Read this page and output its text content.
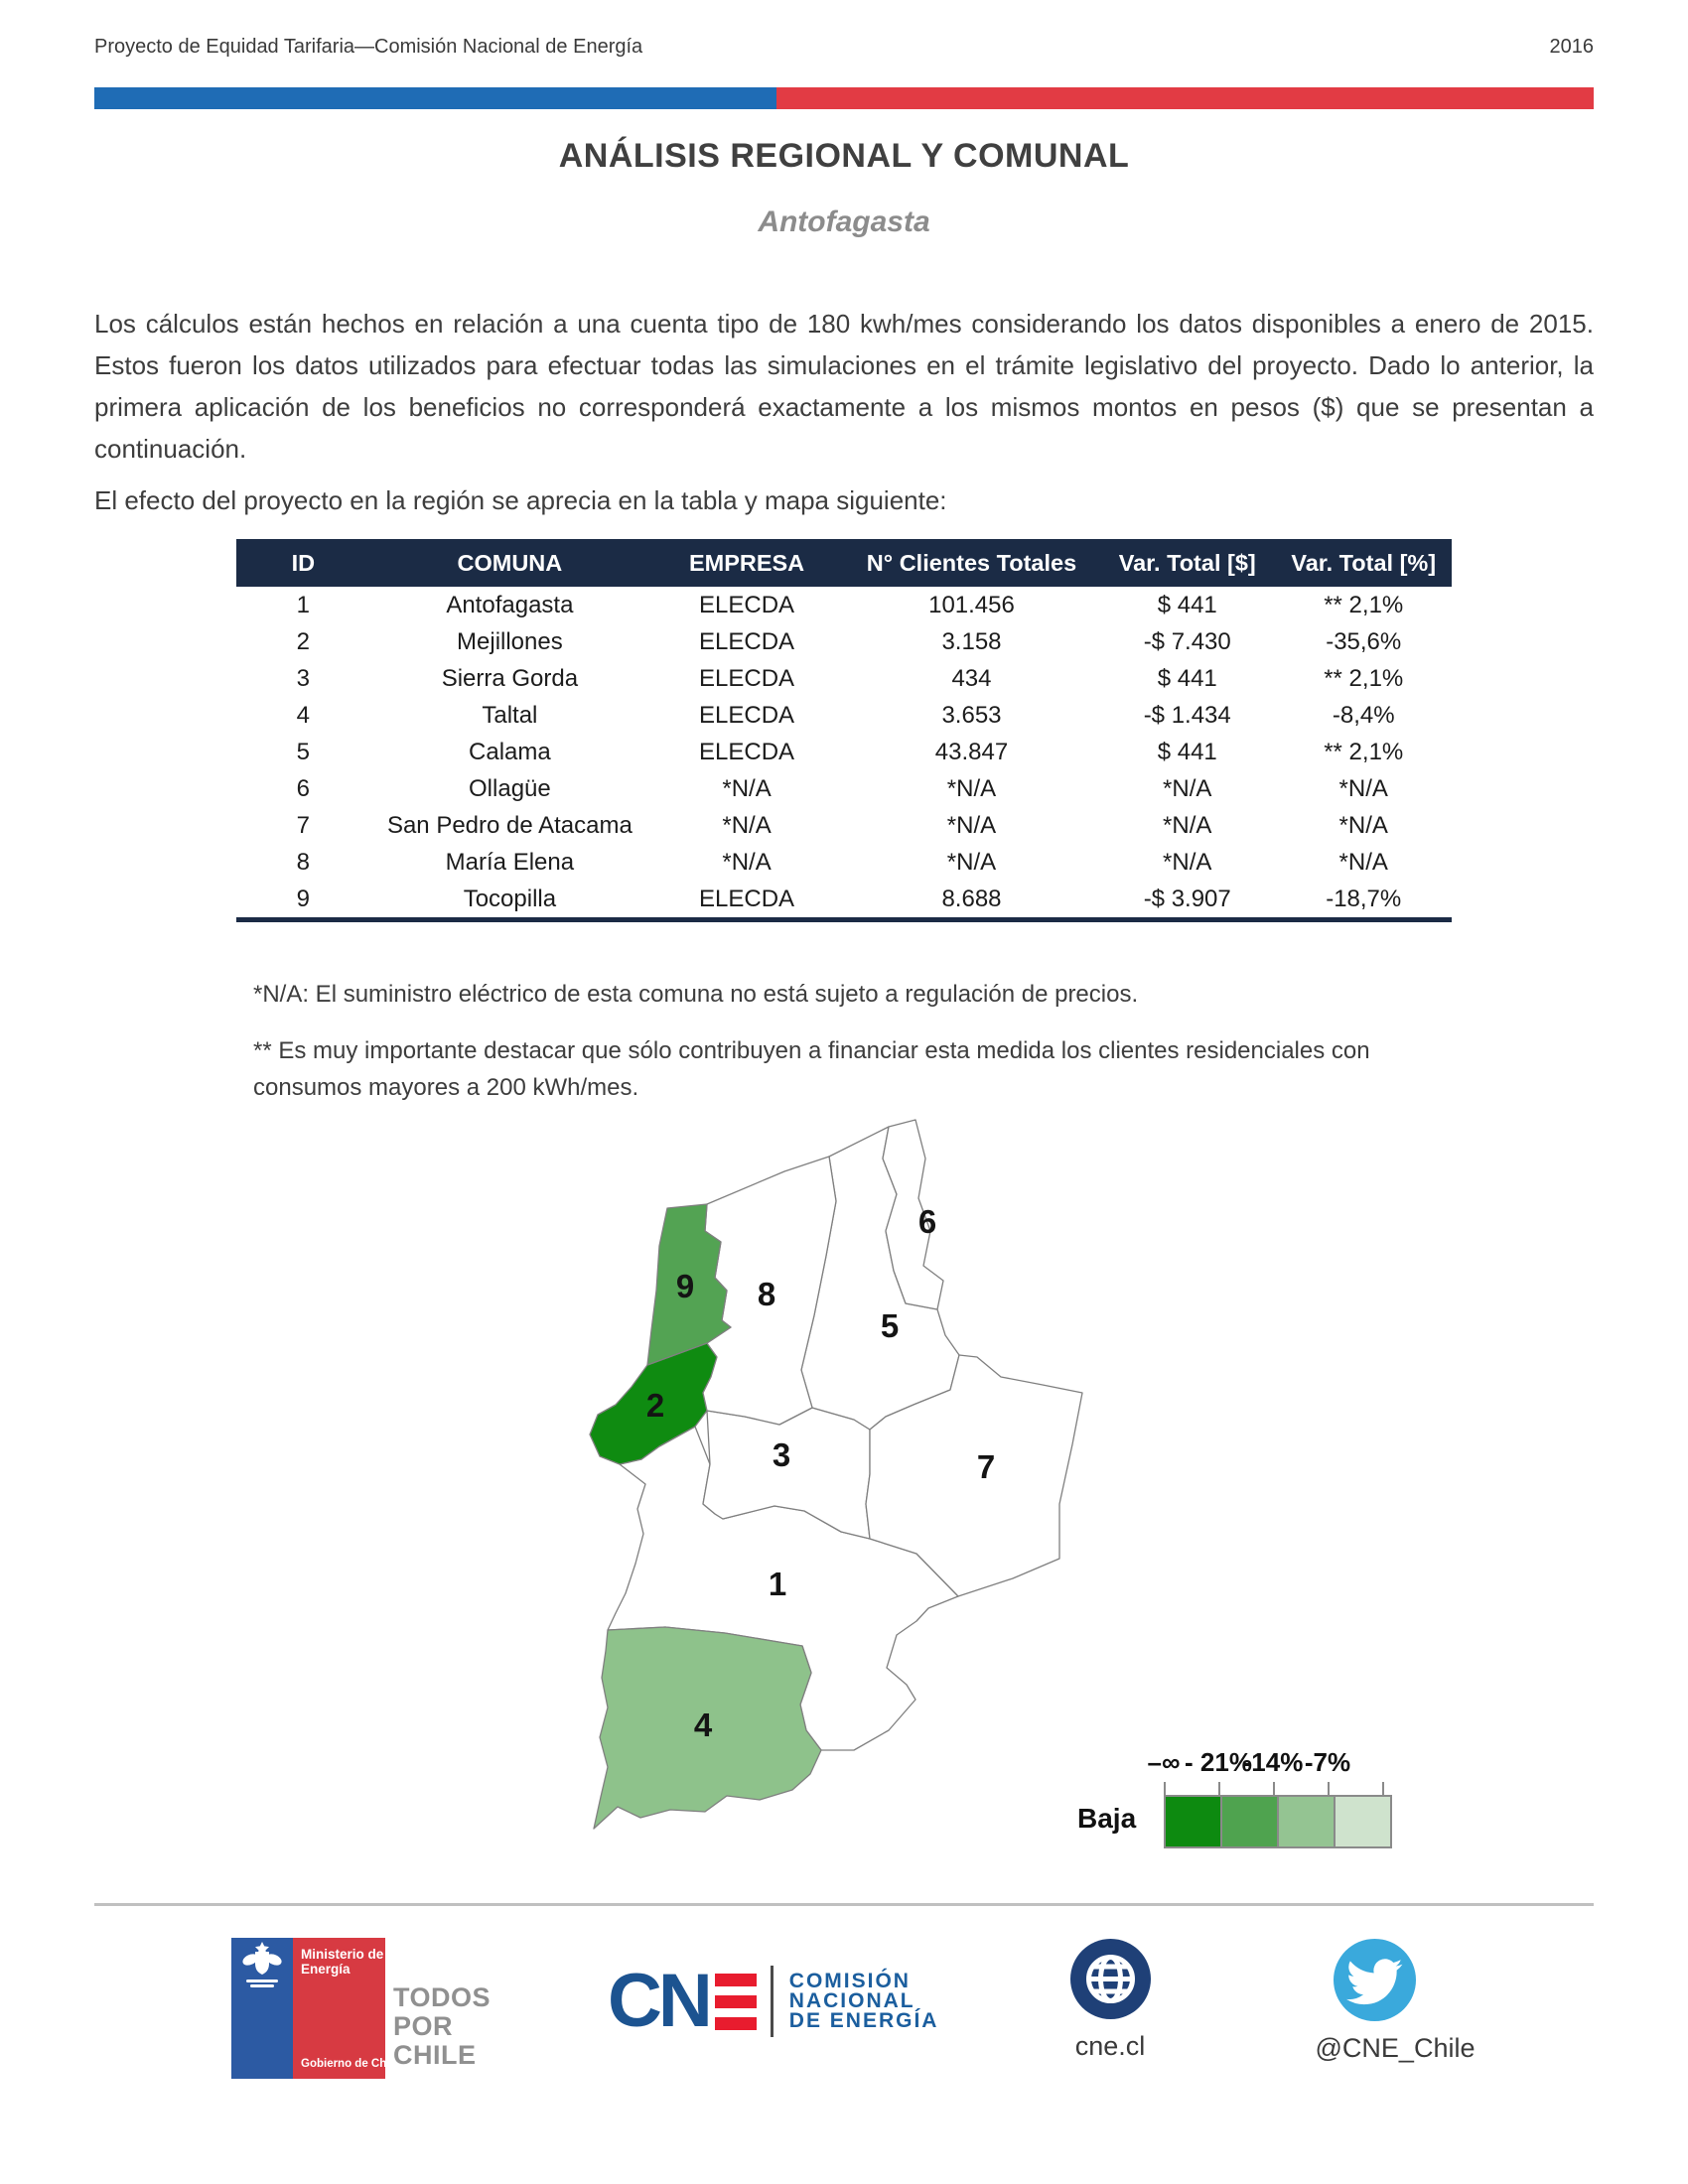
Proyecto de Equidad Tarifaria—Comisión Nacional de Energía	2016
ANÁLISIS REGIONAL Y COMUNAL
Antofagasta

Los cálculos están hechos en relación a una cuenta tipo de 180 kwh/mes considerando los datos disponibles a enero de 2015. Estos fueron los datos utilizados para efectuar todas las simulaciones en el trámite legislativo del proyecto. Dado lo anterior, la primera aplicación de los beneficios no corresponderá exactamente a los mismos montos en pesos ($) que se presentan a continuación.

El efecto del proyecto en la región se aprecia en la tabla y mapa siguiente:

ID	COMUNA	EMPRESA	N° Clientes Totales	Var. Total [$]	Var. Total [%]
1	Antofagasta	ELECDA	101.456	$ 441	** 2,1%
2	Mejillones	ELECDA	3.158	-$ 7.430	-35,6%
3	Sierra Gorda	ELECDA	434	$ 441	** 2,1%
4	Taltal	ELECDA	3.653	-$ 1.434	-8,4%
5	Calama	ELECDA	43.847	$ 441	** 2,1%
6	Ollagüe	*N/A	*N/A	*N/A	*N/A
7	San Pedro de Atacama	*N/A	*N/A	*N/A	*N/A
8	María Elena	*N/A	*N/A	*N/A	*N/A
9	Tocopilla	ELECDA	8.688	-$ 3.907	-18,7%

*N/A: El suministro eléctrico de esta comuna no está sujeto a regulación de precios.

** Es muy importante destacar que sólo contribuyen a financiar esta medida los clientes residenciales con consumos mayores a 200 kWh/mes.

1
2
3
4
5
6
7
8
9
Baja
–∞ - 21%
-14% -7%
Ministerio de
Energía
Gobierno de Chile
TODOS
POR
CHILE
CN	COMISIÓN
NACIONAL
DE ENERGÍA
cne.cl	@CNE_Chile
